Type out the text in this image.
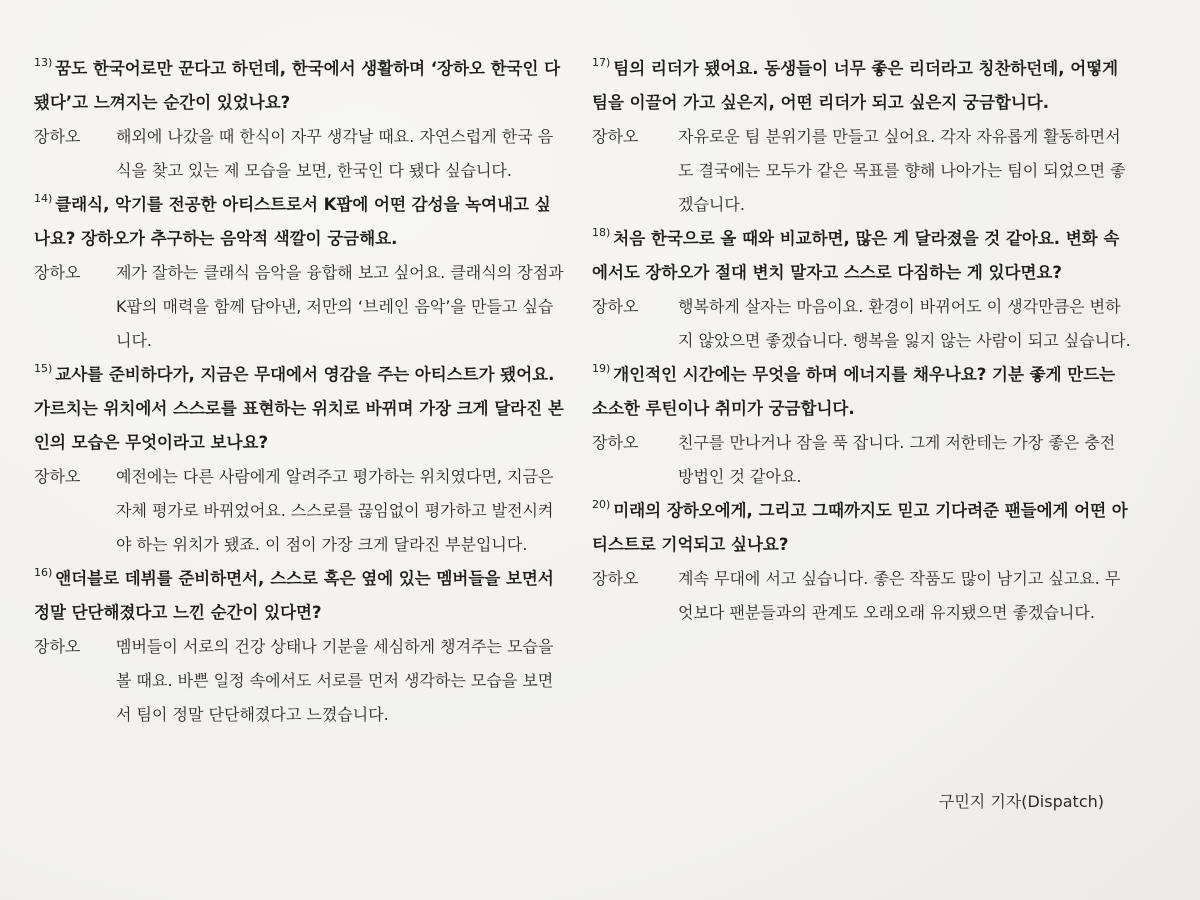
$^{13)}$ 꿈도 한국어로만 꾼다고 하던데, 한국에서 생활하며 ‘장하오 한국인 다 됐다’고 느껴지는 순간이 있었나요?

장하오	해외에 나갔을 때 한식이 자꾸 생각날 때요. 자연스럽게 한국 음식을 찾고 있는 제 모습을 보면, 한국인 다 됐다 싶습니다.

$^{14)}$ 클래식, 악기를 전공한 아티스트로서 K팝에 어떤 감성을 녹여내고 싶나요? 장하오가 추구하는 음악적 색깔이 궁금해요.

장하오	제가 잘하는 클래식 음악을 융합해 보고 싶어요. 클래식의 장점과 K팝의 매력을 함께 담아낸, 저만의 ‘브레인 음악’을 만들고 싶습니다.

$^{15)}$ 교사를 준비하다가, 지금은 무대에서 영감을 주는 아티스트가 됐어요. 가르치는 위치에서 스스로를 표현하는 위치로 바뀌며 가장 크게 달라진 본인의 모습은 무엇이라고 보나요?

장하오	예전에는 다른 사람에게 알려주고 평가하는 위치였다면, 지금은 자체 평가로 바뀌었어요. 스스로를 끊임없이 평가하고 발전시켜야 하는 위치가 됐죠. 이 점이 가장 크게 달라진 부분입니다.

$^{16)}$ 앤더블로 데뷔를 준비하면서, 스스로 혹은 옆에 있는 멤버들을 보면서 정말 단단해졌다고 느낀 순간이 있다면?

장하오	멤버들이 서로의 건강 상태나 기분을 세심하게 챙겨주는 모습을 볼 때요. 바쁜 일정 속에서도 서로를 먼저 생각하는 모습을 보면서 팀이 정말 단단해졌다고 느꼈습니다.

$^{17)}$ 팀의 리더가 됐어요. 동생들이 너무 좋은 리더라고 칭찬하던데, 어떻게 팀을 이끌어 가고 싶은지, 어떤 리더가 되고 싶은지 궁금합니다.

장하오	자유로운 팀 분위기를 만들고 싶어요. 각자 자유롭게 활동하면서도 결국에는 모두가 같은 목표를 향해 나아가는 팀이 되었으면 좋겠습니다.

$^{18)}$ 처음 한국으로 올 때와 비교하면, 많은 게 달라졌을 것 같아요. 변화 속에서도 장하오가 절대 변치 말자고 스스로 다짐하는 게 있다면요?

장하오	행복하게 살자는 마음이요. 환경이 바뀌어도 이 생각만큼은 변하지 않았으면 좋겠습니다. 행복을 잃지 않는 사람이 되고 싶습니다.

$^{19)}$ 개인적인 시간에는 무엇을 하며 에너지를 채우나요? 기분 좋게 만드는 소소한 루틴이나 취미가 궁금합니다.

장하오	친구를 만나거나 잠을 푹 잡니다. 그게 저한테는 가장 좋은 충전 방법인 것 같아요.

$^{20)}$ 미래의 장하오에게, 그리고 그때까지도 믿고 기다려준 팬들에게 어떤 아티스트로 기억되고 싶나요?

장하오	계속 무대에 서고 싶습니다. 좋은 작품도 많이 남기고 싶고요. 무엇보다 팬분들과의 관계도 오래오래 유지됐으면 좋겠습니다.
구민지 기자(Dispatch)
